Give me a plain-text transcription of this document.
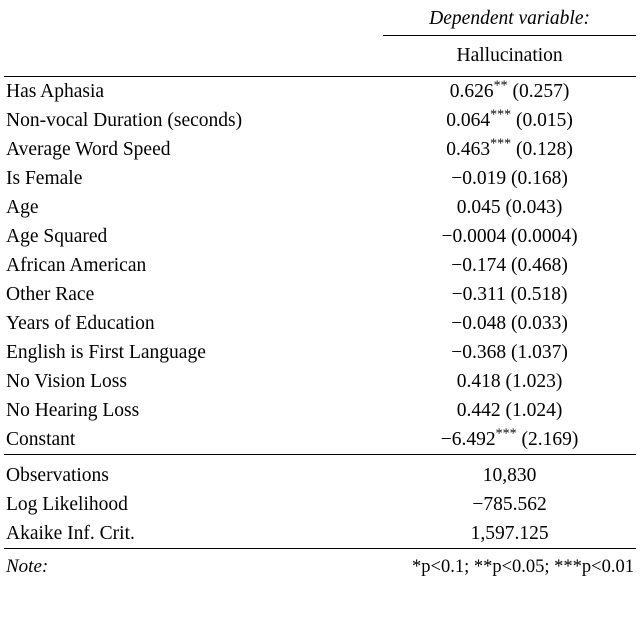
	Dependent variable:
	Hallucination
Has Aphasia	0.626** (0.257)
Non-vocal Duration (seconds)	0.064*** (0.015)
Average Word Speed	0.463*** (0.128)
Is Female	−0.019 (0.168)
Age	0.045 (0.043)
Age Squared	−0.0004 (0.0004)
African American	−0.174 (0.468)
Other Race	−0.311 (0.518)
Years of Education	−0.048 (0.033)
English is First Language	−0.368 (1.037)
No Vision Loss	0.418 (1.023)
No Hearing Loss	0.442 (1.024)
Constant	−6.492*** (2.169)

Observations	10,830
Log Likelihood	−785.562
Akaike Inf. Crit.	1,597.125
Note:	*p<0.1; **p<0.05; ***p<0.01
